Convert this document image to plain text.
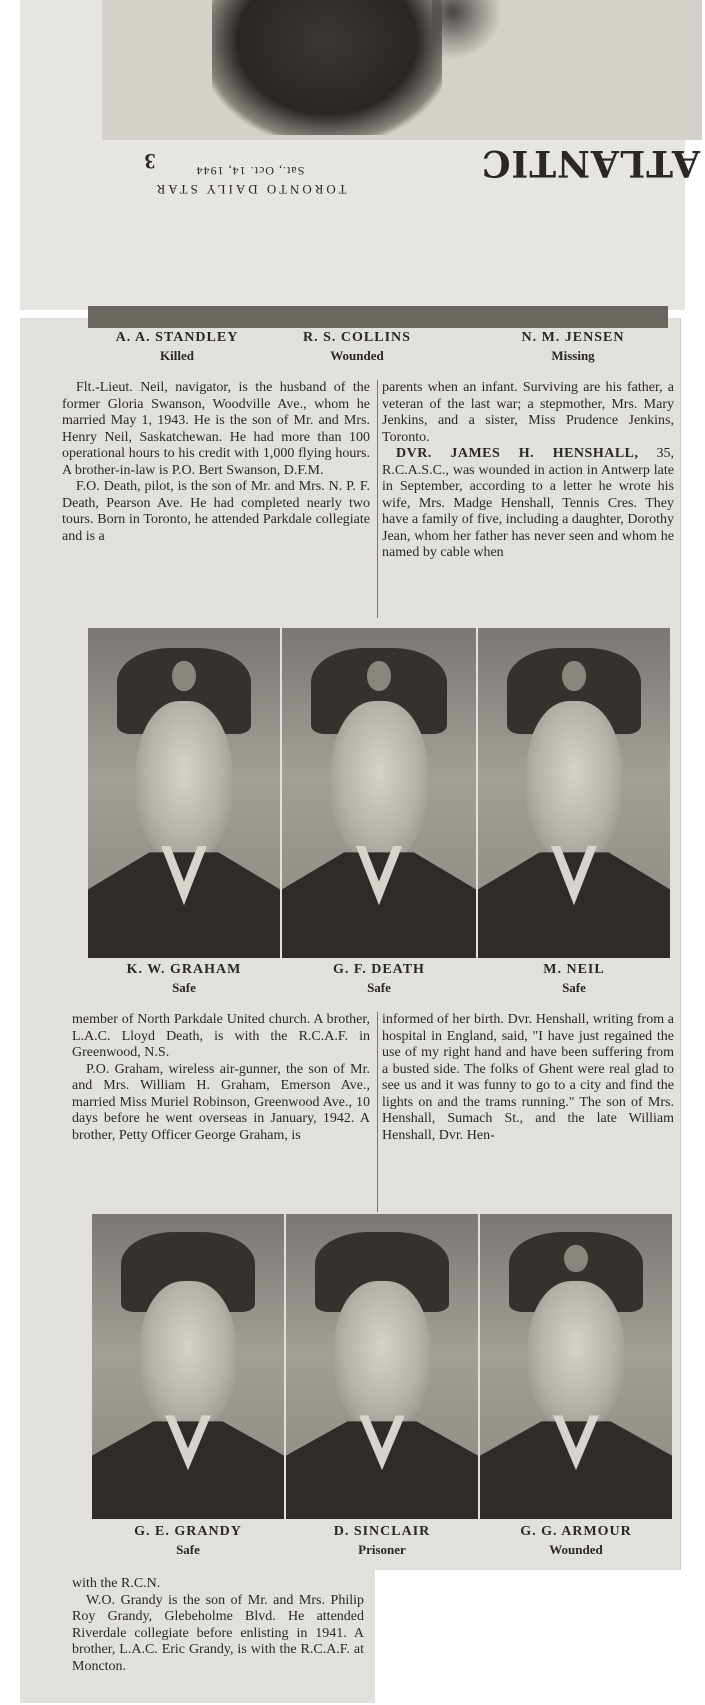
TORONTO DAILY STAR
Sat., Oct. 14, 1944
3	ATLANTIC
A. A. STANDLEY
Killed
R. S. COLLINS
Wounded
N. M. JENSEN
Missing

Flt.-Lieut. Neil, navigator, is the husband of the former Gloria Swanson, Woodville Ave., whom he married May 1, 1943. He is the son of Mr. and Mrs. Henry Neil, Saskatchewan. He had more than 100 operational hours to his credit with 1,000 flying hours. A brother-in-law is P.O. Bert Swanson, D.F.M.

F.O. Death, pilot, is the son of Mr. and Mrs. N. P. F. Death, Pearson Ave. He had completed nearly two tours. Born in Toronto, he attended Parkdale collegiate and is a

parents when an infant. Surviving are his father, a veteran of the last war; a stepmother, Mrs. Mary Jenkins, and a sister, Miss Prudence Jenkins, Toronto.

DVR. JAMES H. HENSHALL, 35, R.C.A.S.C., was wounded in action in Antwerp late in September, according to a letter he wrote his wife, Mrs. Madge Henshall, Tennis Cres. They have a family of five, including a daughter, Dorothy Jean, whom her father has never seen and whom he named by cable when

K. W. GRAHAM
Safe
G. F. DEATH
Safe
M. NEIL
Safe

member of North Parkdale United church. A brother, L.A.C. Lloyd Death, is with the R.C.A.F. in Greenwood, N.S.

P.O. Graham, wireless air-gunner, the son of Mr. and Mrs. William H. Graham, Emerson Ave., married Miss Muriel Robinson, Greenwood Ave., 10 days before he went overseas in January, 1942. A brother, Petty Officer George Graham, is

informed of her birth. Dvr. Henshall, writing from a hospital in England, said, "I have just regained the use of my right hand and have been suffering from a busted side. The folks of Ghent were real glad to see us and it was funny to go to a city and find the lights on and the trams running." The son of Mrs. Henshall, Sumach St., and the late William Henshall, Dvr. Hen-

G. E. GRANDY
Safe
D. SINCLAIR
Prisoner
G. G. ARMOUR
Wounded

with the R.C.N.

W.O. Grandy is the son of Mr. and Mrs. Philip Roy Grandy, Glebeholme Blvd. He attended Riverdale collegiate before enlisting in 1941. A brother, L.A.C. Eric Grandy, is with the R.C.A.F. at Moncton.
